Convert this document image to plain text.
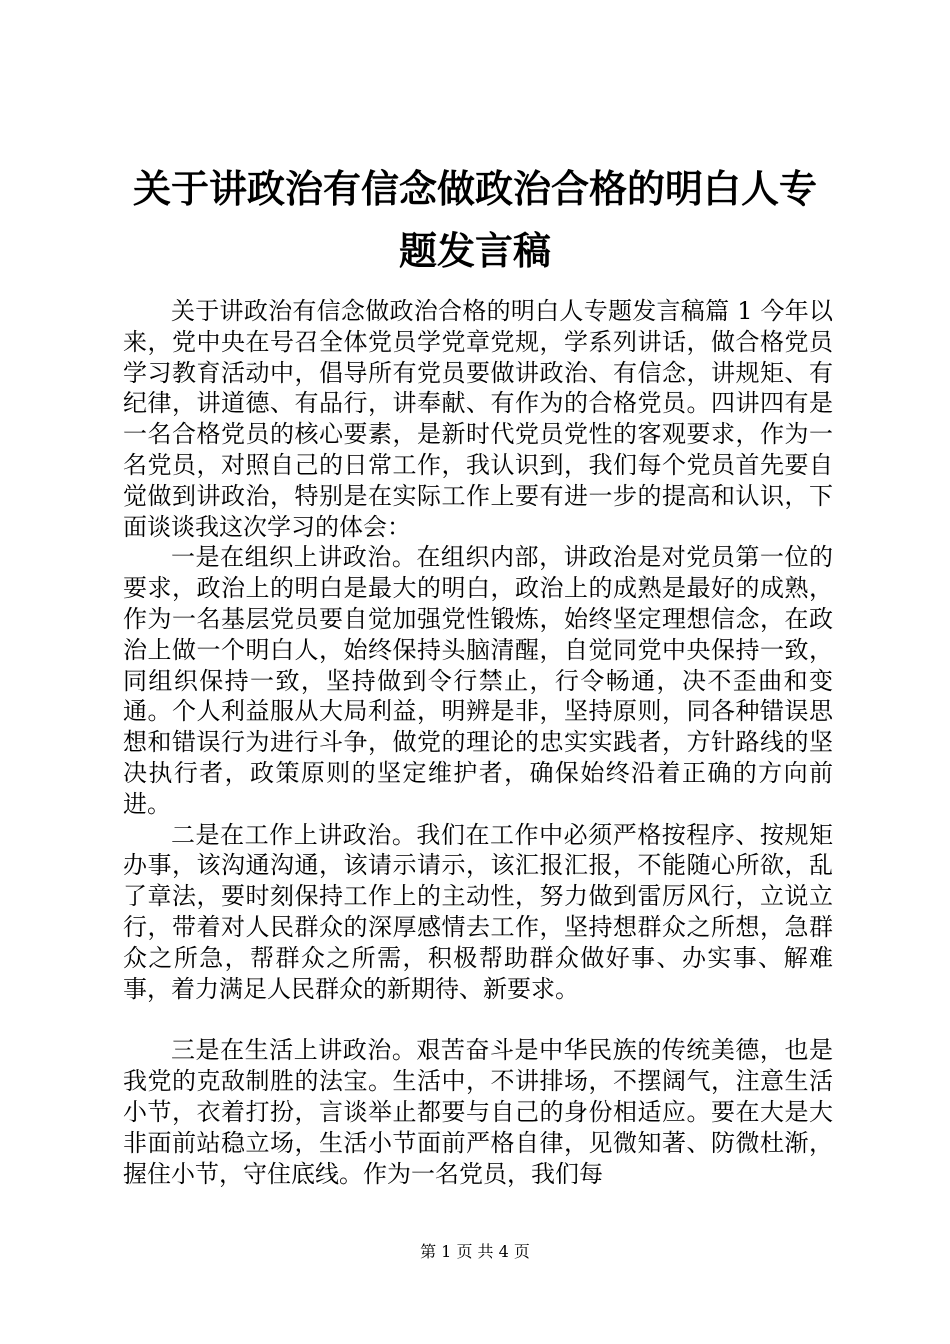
关于讲政治有信念做政治合格的明白人专题发言稿

关于讲政治有信念做政治合格的明白人专题发言稿篇 1 今年以来，党中央在号召全体党员学党章党规，学系列讲话，做合格党员学习教育活动中，倡导所有党员要做讲政治、有信念，讲规矩、有纪律，讲道德、有品行，讲奉献、有作为的合格党员。四讲四有是一名合格党员的核心要素，是新时代党员党性的客观要求，作为一名党员，对照自己的日常工作，我认识到，我们每个党员首先要自觉做到讲政治，特别是在实际工作上要有进一步的提高和认识，下面谈谈我这次学习的体会：

一是在组织上讲政治。在组织内部，讲政治是对党员第一位的要求，政治上的明白是最大的明白，政治上的成熟是最好的成熟，作为一名基层党员要自觉加强党性锻炼，始终坚定理想信念，在政治上做一个明白人，始终保持头脑清醒，自觉同党中央保持一致，同组织保持一致，坚持做到令行禁止，行令畅通，决不歪曲和变通。个人利益服从大局利益，明辨是非，坚持原则，同各种错误思想和错误行为进行斗争，做党的理论的忠实实践者，方针路线的坚决执行者，政策原则的坚定维护者，确保始终沿着正确的方向前进。

二是在工作上讲政治。我们在工作中必须严格按程序、按规矩办事，该沟通沟通，该请示请示，该汇报汇报，不能随心所欲，乱了章法，要时刻保持工作上的主动性，努力做到雷厉风行，立说立行，带着对人民群众的深厚感情去工作，坚持想群众之所想，急群众之所急，帮群众之所需，积极帮助群众做好事、办实事、解难事，着力满足人民群众的新期待、新要求。

三是在生活上讲政治。艰苦奋斗是中华民族的传统美德，也是我党的克敌制胜的法宝。生活中，不讲排场，不摆阔气，注意生活小节，衣着打扮，言谈举止都要与自己的身份相适应。要在大是大非面前站稳立场，生活小节面前严格自律，见微知著、防微杜渐，握住小节，守住底线。作为一名党员，我们每

第 1 页 共 4 页
